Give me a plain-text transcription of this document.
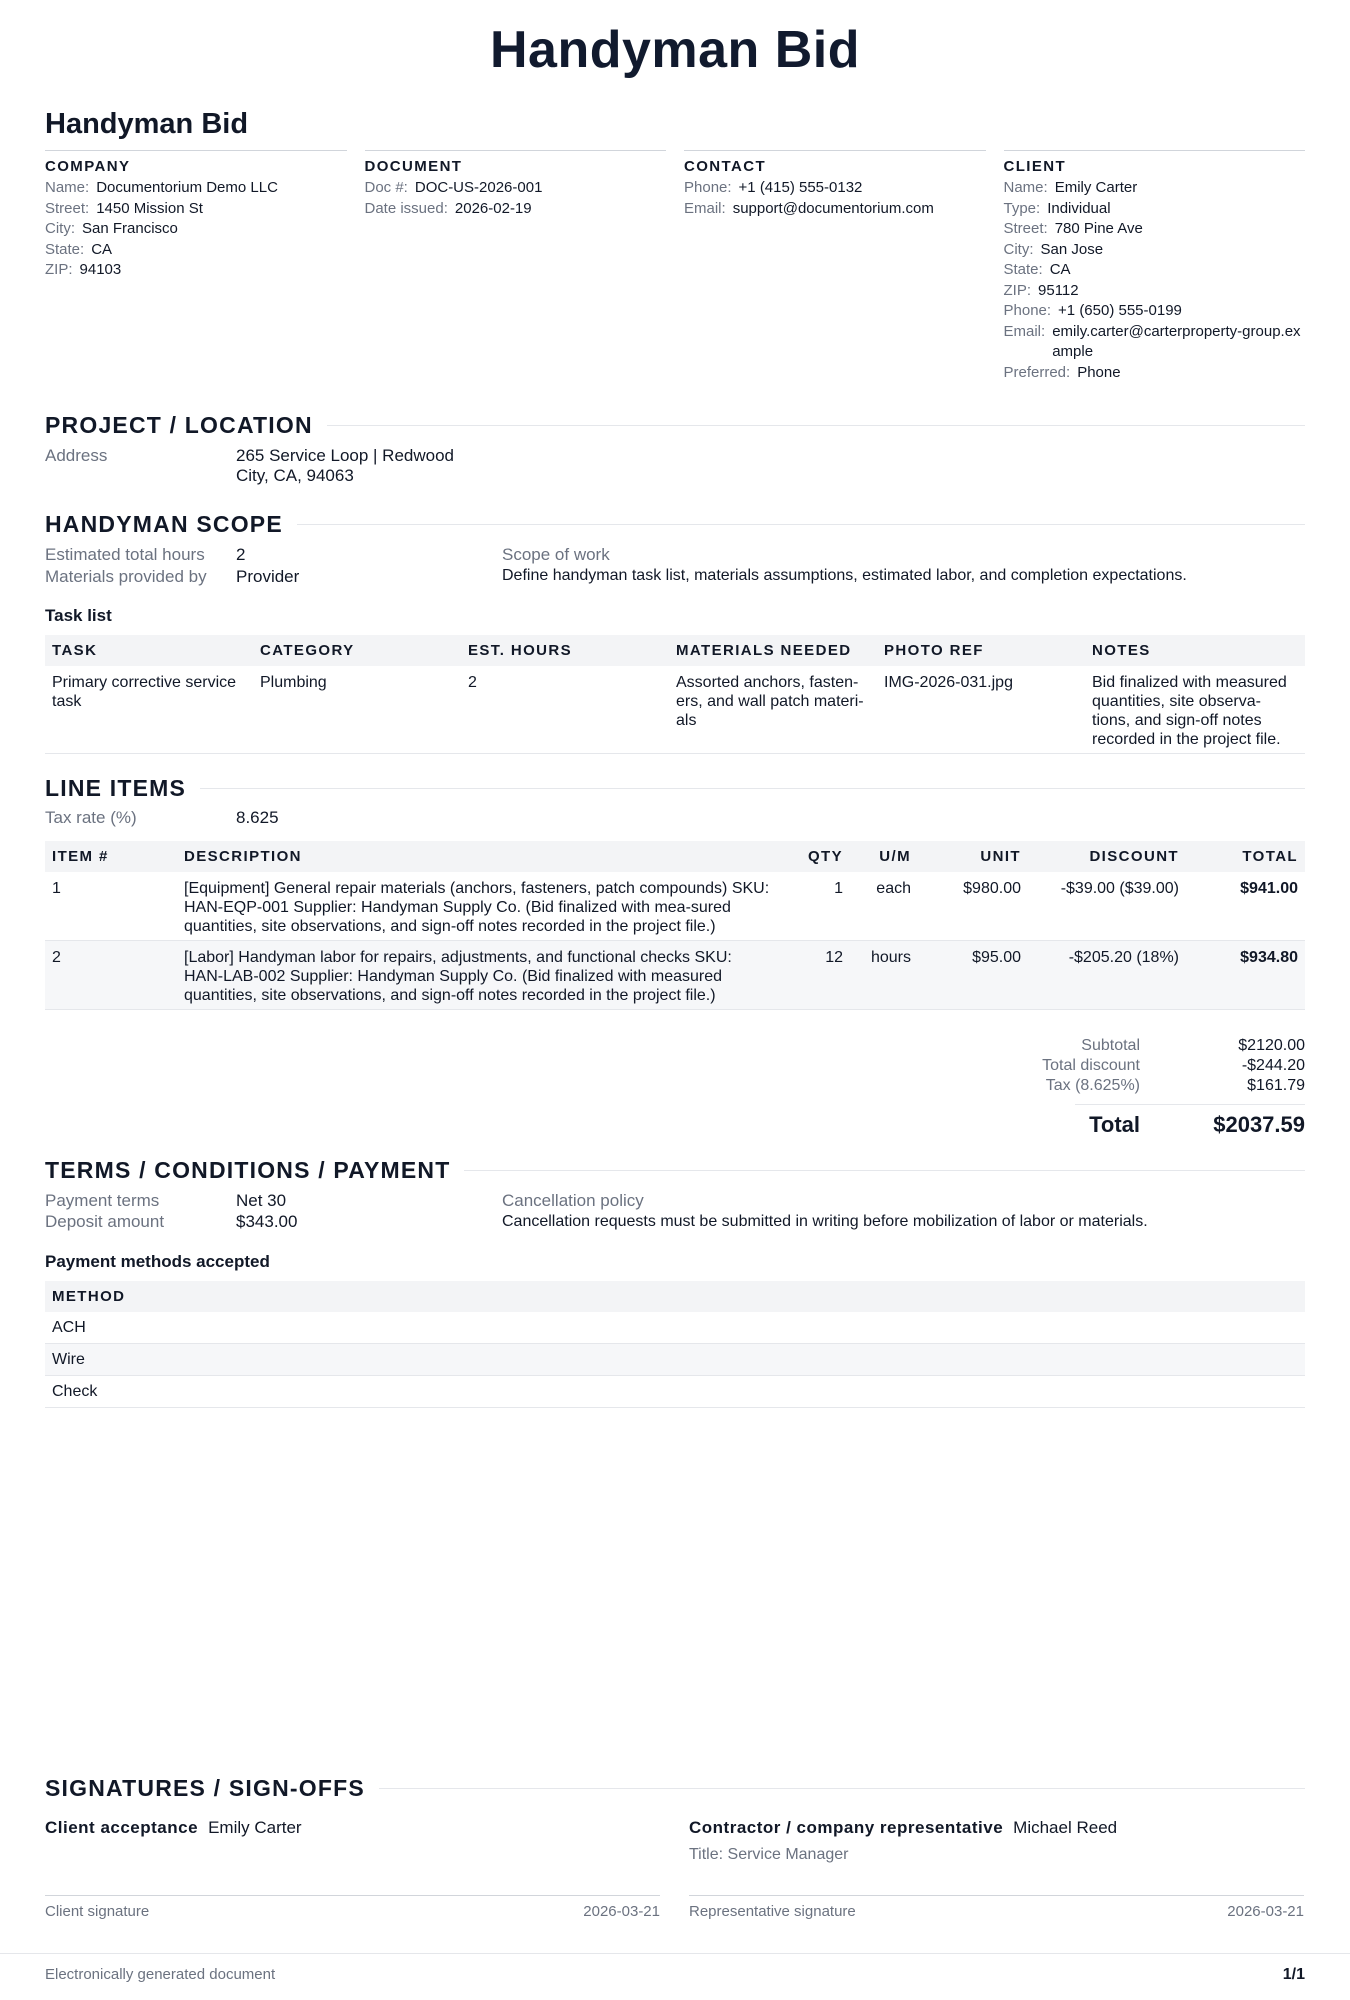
Handyman Bid
Handyman Bid
COMPANY
Name: Documentorium Demo LLC
Street: 1450 Mission St
City: San Francisco
State: CA
ZIP: 94103
DOCUMENT
Doc #: DOC-US-2026-001
Date issued: 2026-02-19
CONTACT
Phone: +1 (415) 555-0132
Email: support@documentorium.com
CLIENT
Name: Emily Carter
Type: Individual
Street: 780 Pine Ave
City: San Jose
State: CA
ZIP: 95112
Phone: +1 (650) 555-0199
Email: emily.carter@carterproperty-group.example
Preferred: Phone
PROJECT / LOCATION
Address	265 Service Loop | Redwood
City, CA, 94063
HANDYMAN SCOPE
Estimated total hours	2
Materials provided by	Provider
Scope of work
Define handyman task list, materials assumptions, estimated labor, and completion expectations.
Task list
TASK	CATEGORY	EST. HOURS	MATERIALS NEEDED	PHOTO REF	NOTES
Primary corrective service task	Plumbing	2	Assorted anchors, fasten-ers, and wall patch materi-als	IMG-2026-031.jpg	Bid finalized with measured quantities, site observa-tions, and sign-off notes recorded in the project file.
LINE ITEMS
Tax rate (%)	8.625
ITEM #	DESCRIPTION	QTY	U/M	UNIT	DISCOUNT	TOTAL
1	[Equipment] General repair materials (anchors, fasteners, patch compounds) SKU: HAN-EQP-001 Supplier: Handyman Supply Co. (Bid finalized with mea-sured quantities, site observations, and sign-off notes recorded in the project file.)	1	each	$980.00	-$39.00 ($39.00)	$941.00
2	[Labor] Handyman labor for repairs, adjustments, and functional checks SKU: HAN-LAB-002 Supplier: Handyman Supply Co. (Bid finalized with measured quantities, site observations, and sign-off notes recorded in the project file.)	12	hours	$95.00	-$205.20 (18%)	$934.80
Subtotal	$2120.00
Total discount	-$244.20
Tax (8.625%)	$161.79
Total	$2037.59
TERMS / CONDITIONS / PAYMENT
Payment terms	Net 30
Deposit amount	$343.00
Cancellation policy
Cancellation requests must be submitted in writing before mobilization of labor or materials.
Payment methods accepted
METHOD
ACH
Wire
Check
SIGNATURES / SIGN-OFFS
Client acceptance Emily Carter
Client signature	2026-03-21
Contractor / company representative Michael Reed
Title: Service Manager
Representative signature	2026-03-21
Electronically generated document	1/1
